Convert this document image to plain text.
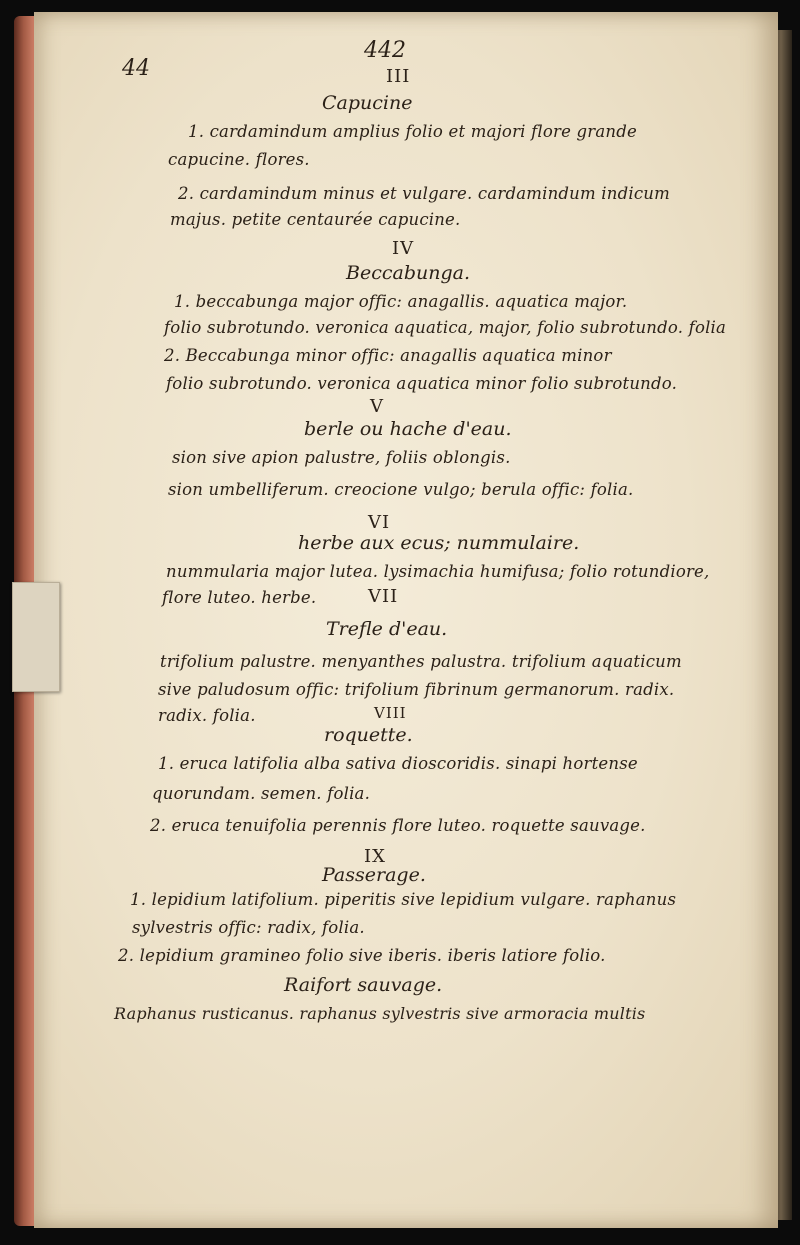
44
442
III
Capucine
1. cardamindum amplius folio et majori flore grande
capucine. flores.
2. cardamindum minus et vulgare. cardamindum indicum
majus. petite centaurée capucine.
IV
Beccabunga.
1. beccabunga major offic: anagallis. aquatica major.
folio subrotundo. veronica aquatica, major, folio subrotundo. folia
2. Beccabunga minor offic: anagallis aquatica minor
folio subrotundo. veronica aquatica minor folio subrotundo.
V
berle ou hache d'eau.
sion sive apion palustre, foliis oblongis.
sion umbelliferum. creocione vulgo; berula offic: folia.
VI
herbe aux ecus; nummulaire.
nummularia major lutea. lysimachia humifusa; folio rotundiore,
flore luteo. herbe.	VII
Trefle d'eau.
trifolium palustre. menyanthes palustra. trifolium aquaticum
sive paludosum offic: trifolium fibrinum germanorum. radix.
radix. folia.	VIII
roquette.
1. eruca latifolia alba sativa dioscoridis. sinapi hortense
quorundam. semen. folia.
2. eruca tenuifolia perennis flore luteo. roquette sauvage.
IX
Passerage.
1. lepidium latifolium. piperitis sive lepidium vulgare. raphanus
sylvestris offic: radix, folia.
2. lepidium gramineo folio sive iberis. iberis latiore folio.
Raifort sauvage.
Raphanus rusticanus. raphanus sylvestris sive armoracia multis
